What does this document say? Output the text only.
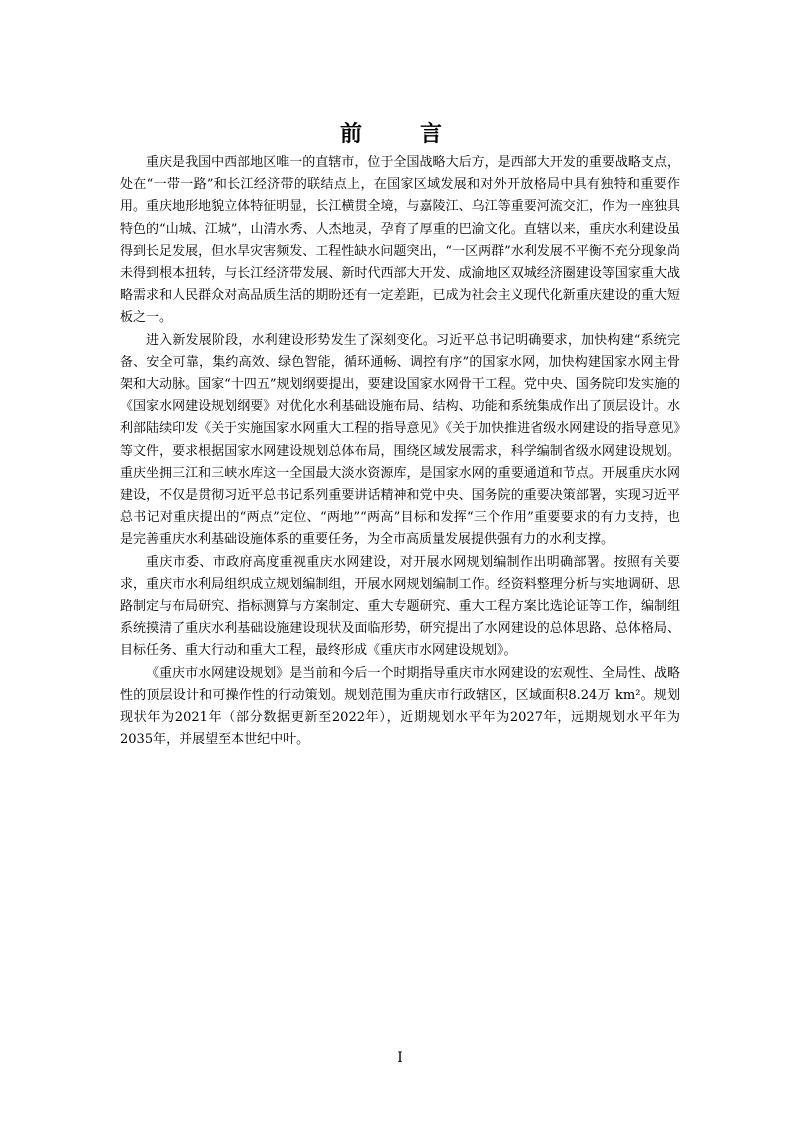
前　言

重庆是我国中西部地区唯一的直辖市，位于全国战略大后方，是西部大开发的重要战略支点，处在“一带一路”和长江经济带的联结点上，在国家区域发展和对外开放格局中具有独特和重要作用。重庆地形地貌立体特征明显，长江横贯全境，与嘉陵江、乌江等重要河流交汇，作为一座独具特色的“山城、江城”，山清水秀、人杰地灵，孕育了厚重的巴渝文化。直辖以来，重庆水利建设虽得到长足发展，但水旱灾害频发、工程性缺水问题突出，“一区两群”水利发展不平衡不充分现象尚未得到根本扭转，与长江经济带发展、新时代西部大开发、成渝地区双城经济圈建设等国家重大战略需求和人民群众对高品质生活的期盼还有一定差距，已成为社会主义现代化新重庆建设的重大短板之一。

进入新发展阶段，水利建设形势发生了深刻变化。习近平总书记明确要求，加快构建“系统完备、安全可靠，集约高效、绿色智能，循环通畅、调控有序”的国家水网，加快构建国家水网主骨架和大动脉。国家“十四五”规划纲要提出，要建设国家水网骨干工程。党中央、国务院印发实施的《国家水网建设规划纲要》对优化水利基础设施布局、结构、功能和系统集成作出了顶层设计。水利部陆续印发《关于实施国家水网重大工程的指导意见》《关于加快推进省级水网建设的指导意见》等文件，要求根据国家水网建设规划总体布局，围绕区域发展需求，科学编制省级水网建设规划。重庆坐拥三江和三峡水库这一全国最大淡水资源库，是国家水网的重要通道和节点。开展重庆水网建设，不仅是贯彻习近平总书记系列重要讲话精神和党中央、国务院的重要决策部署，实现习近平总书记对重庆提出的“两点”定位、“两地”“两高”目标和发挥“三个作用”重要要求的有力支持，也是完善重庆水利基础设施体系的重要任务，为全市高质量发展提供强有力的水利支撑。

重庆市委、市政府高度重视重庆水网建设，对开展水网规划编制作出明确部署。按照有关要求，重庆市水利局组织成立规划编制组，开展水网规划编制工作。经资料整理分析与实地调研、思路制定与布局研究、指标测算与方案制定、重大专题研究、重大工程方案比选论证等工作，编制组系统摸清了重庆水利基础设施建设现状及面临形势，研究提出了水网建设的总体思路、总体格局、目标任务、重大行动和重大工程，最终形成《重庆市水网建设规划》。

《重庆市水网建设规划》是当前和今后一个时期指导重庆市水网建设的宏观性、全局性、战略性的顶层设计和可操作性的行动策划。规划范围为重庆市行政辖区，区域面积8.24万 km²。规划现状年为2021年（部分数据更新至2022年），近期规划水平年为2027年，远期规划水平年为2035年，并展望至本世纪中叶。

I
